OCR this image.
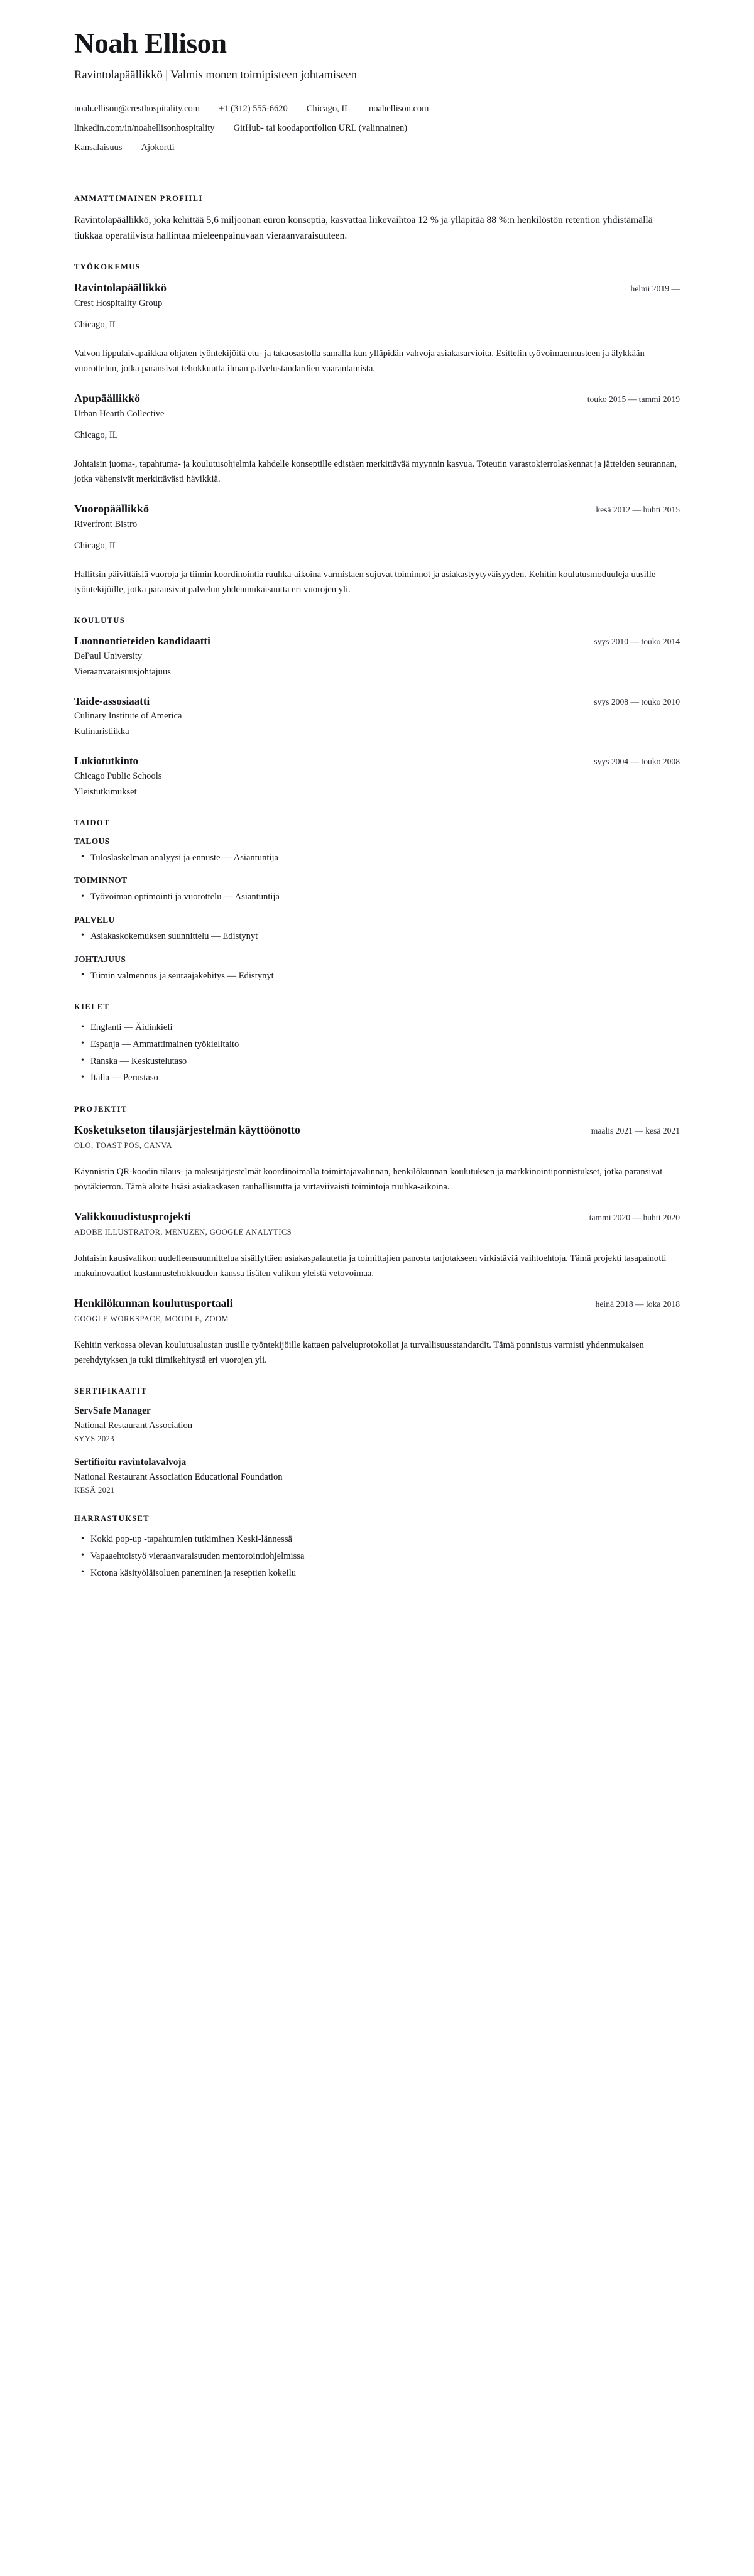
Noah Ellison

Ravintolapäällikkö | Valmis monen toimipisteen johtamiseen

noah.ellison@cresthospitality.com +1 (312) 555-6620 Chicago, IL noahellison.com
linkedin.com/in/noahellisonhospitality GitHub- tai koodaportfolion URL (valinnainen)
Kansalaisuus Ajokortti
AMMATTIMAINEN PROFIILI

Ravintolapäällikkö, joka kehittää 5,6 miljoonan euron konseptia, kasvattaa liikevaihtoa 12 % ja ylläpitää 88 %:n henkilöstön retention yhdistämällä tiukkaa operatiivista hallintaa mieleenpainuvaan vieraanvaraisuuteen.

TYÖKOKEMUS
Ravintolapäällikkö	helmi 2019 —

Crest Hospitality Group

Chicago, IL

Valvon lippulaivapaikkaa ohjaten työntekijöitä etu- ja takaosastolla samalla kun ylläpidän vahvoja asiakasarvioita. Esittelin työvoimaennusteen ja älykkään vuorottelun, jotka paransivat tehokkuutta ilman palvelustandardien vaarantamista.

Apupäällikkö	touko 2015 — tammi 2019

Urban Hearth Collective

Chicago, IL

Johtaisin juoma-, tapahtuma- ja koulutusohjelmia kahdelle konseptille edistäen merkittävää myynnin kasvua. Toteutin varastokierrolaskennat ja jätteiden seurannan, jotka vähensivät merkittävästi hävikkiä.

Vuoropäällikkö	kesä 2012 — huhti 2015

Riverfront Bistro

Chicago, IL

Hallitsin päivittäisiä vuoroja ja tiimin koordinointia ruuhka-aikoina varmistaen sujuvat toiminnot ja asiakastyytyväisyyden. Kehitin koulutusmoduuleja uusille työntekijöille, jotka paransivat palvelun yhdenmukaisuutta eri vuorojen yli.

KOULUTUS
Luonnontieteiden kandidaatti	syys 2010 — touko 2014

DePaul University

Vieraanvaraisuusjohtajuus

Taide-assosiaatti	syys 2008 — touko 2010

Culinary Institute of America

Kulinaristiikka

Lukiotutkinto	syys 2004 — touko 2008

Chicago Public Schools

Yleistutkimukset

TAIDOT
TALOUS
• Tuloslaskelman analyysi ja ennuste — Asiantuntija
TOIMINNOT
• Työvoiman optimointi ja vuorottelu — Asiantuntija
PALVELU
• Asiakaskokemuksen suunnittelu — Edistynyt
JOHTAJUUS
• Tiimin valmennus ja seuraajakehitys — Edistynyt
KIELET
• Englanti — Äidinkieli
• Espanja — Ammattimainen työkielitaito
• Ranska — Keskustelutaso
• Italia — Perustaso
PROJEKTIT
Kosketukseton tilausjärjestelmän käyttöönotto	maalis 2021 — kesä 2021

OLO, TOAST POS, CANVA

Käynnistin QR-koodin tilaus- ja maksujärjestelmät koordinoimalla toimittajavalinnan, henkilökunnan koulutuksen ja markkinointiponnistukset, jotka paransivat pöytäkierron. Tämä aloite lisäsi asiakaskasen rauhallisuutta ja virtaviivaisti toimintoja ruuhka-aikoina.

Valikkouudistusprojekti	tammi 2020 — huhti 2020

ADOBE ILLUSTRATOR, MENUZEN, GOOGLE ANALYTICS

Johtaisin kausivalikon uudelleensuunnittelua sisällyttäen asiakaspalautetta ja toimittajien panosta tarjotakseen virkistäviä vaihtoehtoja. Tämä projekti tasapainotti makuinovaatiot kustannustehokkuuden kanssa lisäten valikon yleistä vetovoimaa.

Henkilökunnan koulutusportaali	heinä 2018 — loka 2018

GOOGLE WORKSPACE, MOODLE, ZOOM

Kehitin verkossa olevan koulutusalustan uusille työntekijöille kattaen palveluprotokollat ja turvallisuusstandardit. Tämä ponnistus varmisti yhdenmukaisen perehdytyksen ja tuki tiimikehitystä eri vuorojen yli.

SERTIFIKAATIT

ServSafe Manager

National Restaurant Association

SYYS 2023

Sertifioitu ravintolavalvoja

National Restaurant Association Educational Foundation

KESÄ 2021

HARRASTUKSET
• Kokki pop-up -tapahtumien tutkiminen Keski-lännessä
• Vapaaehtoistyö vieraanvaraisuuden mentorointiohjelmissa
• Kotona käsityöläisoluen paneminen ja reseptien kokeilu
